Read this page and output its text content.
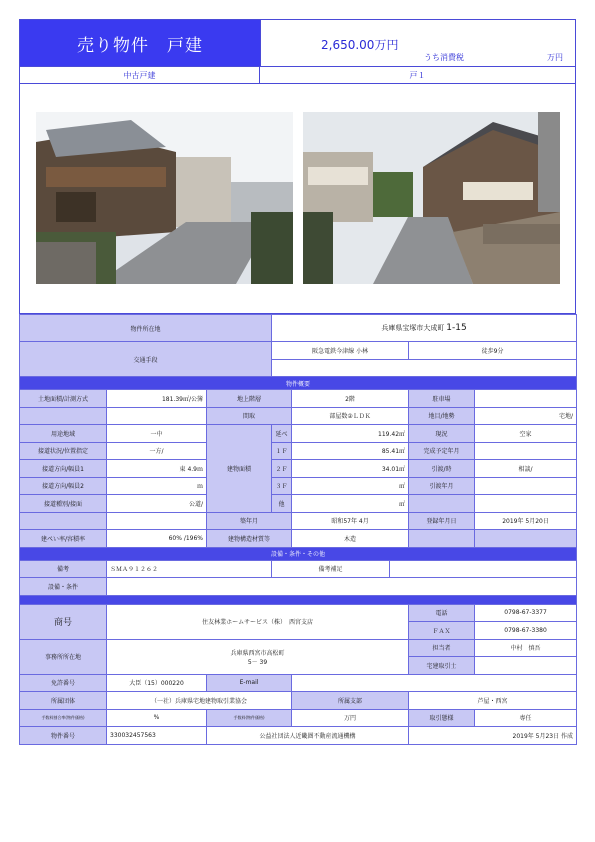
売り物件　戸建	2,650.00万円
うち消費税	万円
中古戸建	戸１
物件所在地			兵庫県宝塚市大成町 1-15				
交通手段			阪急電鉄今津線 小林			徒歩9分	

物件概要							
土地面積/計測方式	181.39㎡/公簿	地上階層		2階		駐車場	
		間取		部屋数②ＬＤＫ		地目/地勢	宅地/
用途地域	一中	建物面積	延べ	119.42㎡		現況	空家
接道状況/位置指定	一方/		１Ｆ	85.41㎡		完成予定年月	
接道方向/幅員1	東 4.9ｍ		２Ｆ	34.01㎡		引渡/時	相談/
接道方向/幅員2	ｍ		３Ｆ	㎡		引渡年月	
接道種別/接面	公道/		他	㎡			
		築年月		昭和57年 4月		登録年月日	2019年 5月20日
建ぺい率/容積率	60% /196%	建物構造材質等		木造			
設備・条件・その他							
備考	ＳＭＡ９１２６２		備考補足				
設備・条件							

商号	住友林業ホームサービス（株）　西宮支店					電話	0798-67-3377
						ＦＡＸ	0798-67-3380
事務所所在地	兵庫県西宮市高松町
5－ 39					担当者	中村　慎吾
						宅建取引士	
免許番号	大臣（15）000220	E-mail					
所属団体	（一社）兵庫県宅地建物取引業協会			所属支部		芦屋・西宮	
手数料割合率(物件価格)	%	手数料(物件価格)		万円		取引態様	専任
物件番号	330032457563	公益社団法人近畿圏不動産流通機構				2019年 5月23日 作成	
